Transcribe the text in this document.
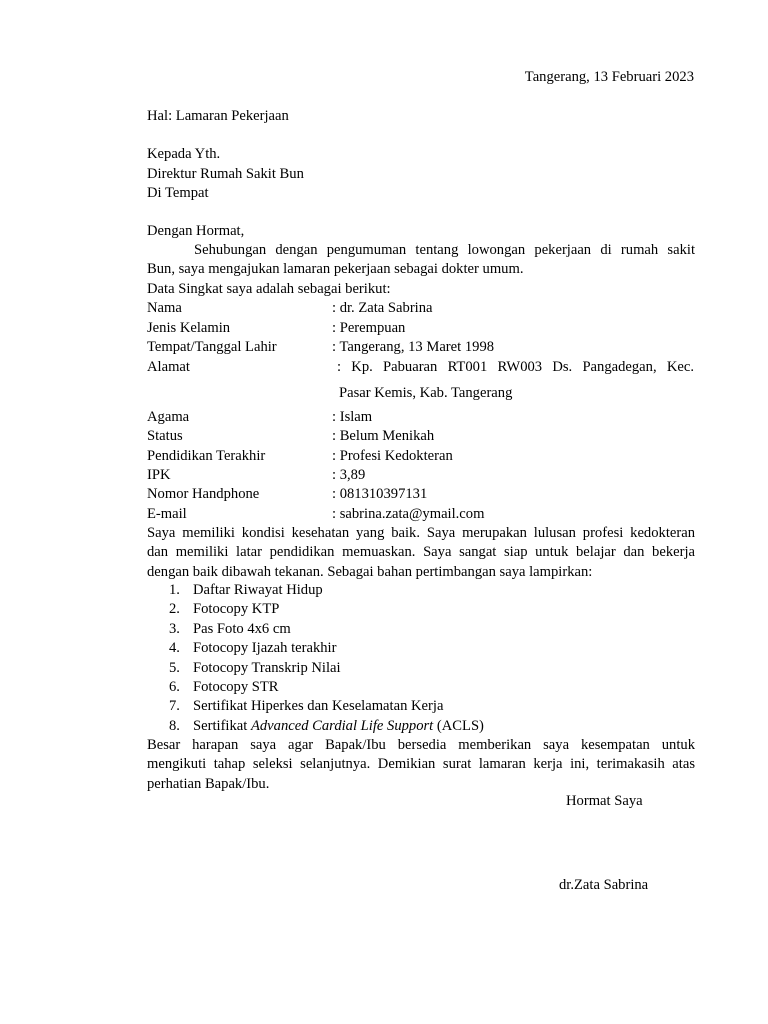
Tangerang, 13 Februari 2023
Hal: Lamaran Pekerjaan
Kepada Yth.
Direktur Rumah Sakit Bun
Di Tempat
Dengan Hormat,
Sehubungan dengan pengumuman tentang lowongan pekerjaan di rumah sakit
Bun, saya mengajukan lamaran pekerjaan sebagai dokter umum.
Data Singkat saya adalah sebagai berikut:
Nama	: dr. Zata Sabrina
Jenis Kelamin	: Perempuan
Tempat/Tanggal Lahir	: Tangerang, 13 Maret 1998
Alamat	: Kp. Pabuaran RT001 RW003 Ds. Pangadegan, Kec.
Pasar Kemis, Kab. Tangerang
Agama	: Islam
Status	: Belum Menikah
Pendidikan Terakhir	: Profesi Kedokteran
IPK	: 3,89
Nomor Handphone	: 081310397131
E-mail	: sabrina.zata@ymail.com
Saya memiliki kondisi kesehatan yang baik. Saya merupakan lulusan profesi kedokteran
dan memiliki latar pendidikan memuaskan. Saya sangat siap untuk belajar dan bekerja
dengan baik dibawah tekanan. Sebagai bahan pertimbangan saya lampirkan:
1. Daftar Riwayat Hidup
2. Fotocopy KTP
3. Pas Foto 4x6 cm
4. Fotocopy Ijazah terakhir
5. Fotocopy Transkrip Nilai
6. Fotocopy STR
7. Sertifikat Hiperkes dan Keselamatan Kerja
8. Sertifikat Advanced Cardial Life Support (ACLS)
Besar harapan saya agar Bapak/Ibu bersedia memberikan saya kesempatan untuk
mengikuti tahap seleksi selanjutnya. Demikian surat lamaran kerja ini, terimakasih atas
perhatian Bapak/Ibu.
Hormat Saya
dr.Zata Sabrina
